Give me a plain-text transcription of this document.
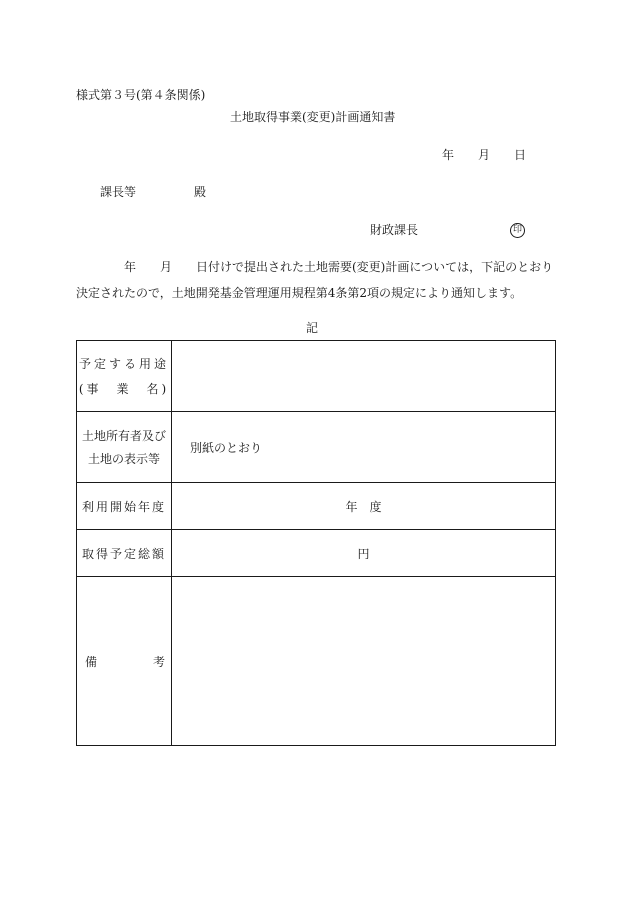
様式第３号(第４条関係)
土地取得事業(変更)計画通知書
年 月 日
課長等	殿
財政課長	印
年　　月　　日付けで提出された土地需要(変更)計画については，下記のとおり
決定されたので，土地開発基金管理運用規程第4条第2項の規定により通知します。
記
予定する用途
(事　業　名)	

土地所有者及び
土地の表示等	別紙のとおり

利用開始年度	年　度

取得予定総額	円

備 考	
